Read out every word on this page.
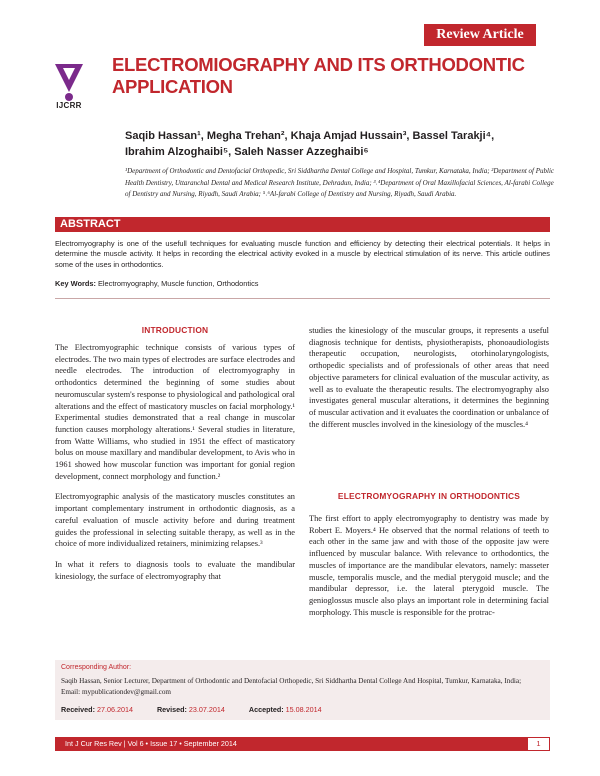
Review Article
IJCRR
ELECTROMIOGRAPHY AND ITS ORTHODONTIC APPLICATION
Saqib Hassan¹, Megha Trehan², Khaja Amjad Hussain³, Bassel Tarakji⁴,
Ibrahim Alzoghaibi⁵, Saleh Nasser Azzeghaibi⁶
¹Department of Orthodontic and Dentofacial Orthopedic, Sri Siddhartha Dental College and Hospital, Tumkur, Karnataka, India; ²Department of Public Health Dentistry, Uttaranchal Dental and Medical Research Institute, Dehradun, India; ³˒⁴Department of Oral Maxillofacial Sciences, Al-farabi College of Dentistry and Nursing, Riyadh, Saudi Arabia; ⁵˒⁶Al-farabi College of Dentistry and Nursing, Riyadh, Saudi Arabia.
ABSTRACT
Electromyography is one of the usefull techniques for evaluating muscle function and efficiency by detecting their electrical potentials. It helps in determine the muscle activity. It helps in recording the electrical activity evoked in a muscle by electrical stimulation of its nerve. This article outlines some of the uses in orthodontics.
Key Words: Electromyography, Muscle function, Orthodontics
INTRODUCTION

The Electromyographic technique consists of various types of electrodes. The two main types of electrodes are surface electrodes and needle electrodes. The introduction of electromyography in orthodontics determined the beginning of some studies about neuromuscular system's response to physiological and pathological oral alterations and the effect of masticatory muscles on facial morphology.¹ Experimental studies demonstrated that a real change in muscolar function causes morphology alterations.¹ Several studies in literature, from Watte Williams, who studied in 1951 the effect of masticatory bolus on mouse maxillary and mandibular development, to Avis who in 1961 showed how muscolar function was important for gonial region development, connect morphology and function.²

Electromyographic analysis of the masticatory muscles constitutes an important complementary instrument in orthodontic diagnosis, as a careful evaluation of muscle activity before and during treatment guides the professional in selecting suitable therapy, as well as in the choice of more individualized retainers, minimizing relapses.³

In what it refers to diagnosis tools to evaluate the mandibular kinesiology, the surface of electromyography that

studies the kinesiology of the muscular groups, it represents a useful diagnosis technique for dentists, physiotherapists, phonoaudiologists therapeutic occupation, neurologists, otorhinolaryngologists, orthopedic specialists and of professionals of other areas that need objective parameters for clinical evaluation of the muscular activity, as well as to evaluate the therapeutic results. The electromyography also investigates general muscular alterations, it determines the beginning of muscular activation and it evaluates the coordination or unbalance of the different muscles involved in the kinesiology of the muscles.⁴

ELECTROMYOGRAPHY IN ORTHODONTICS

The first effort to apply electromyography to dentistry was made by Robert E. Moyers.⁴ He observed that the normal relations of teeth to each other in the same jaw and with those of the opposite jaw were influenced by muscular balance. With relevance to orthodontics, the muscles of importance are the mandibular elevators, namely: masseter muscle, temporalis muscle, and the medial pterygoid muscle; and the mandibular depressor, i.e. the lateral pterygoid muscle. The genioglossus muscle also plays an important role in determining facial morphology. This muscle is responsible for the protrac-

Corresponding Author:
Saqib Hassan, Senior Lecturer, Department of Orthodontic and Dentofacial Orthopedic, Sri Siddhartha Dental College And Hospital, Tumkur, Karnataka, India; Email: mypublicationdev@gmail.com
Received: 27.06.2014	Revised: 23.07.2014	Accepted: 15.08.2014
Int J Cur Res Rev | Vol 6 • Issue 17 • September 2014	1
